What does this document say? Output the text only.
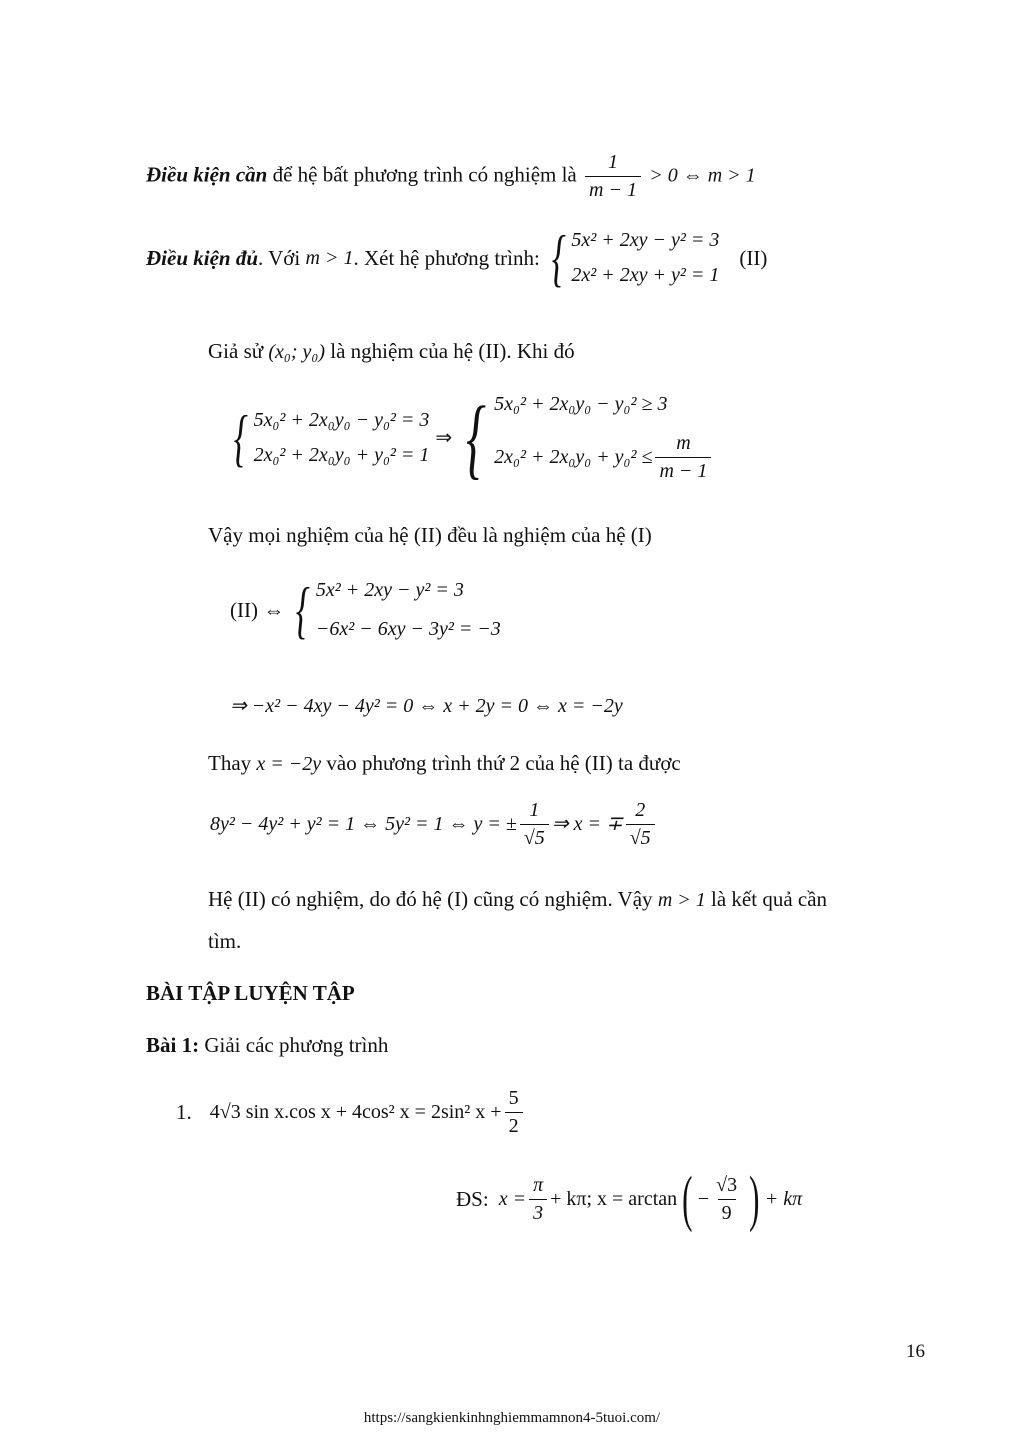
Điều kiện cần để hệ bất phương trình có nghiệm là $\frac{1}{m - 1} > 0$ ⇔ m > 1
Điều kiện đủ . Với
m > 1 . Xét hệ phương trình: { 5x² + 2xy − y² = 3
2x² + 2xy + y² = 1
(II)
Giả sử (x₀; y₀) là nghiệm của hệ (II). Khi đó
{ 5x₀² + 2x₀y₀ − y₀² = 3
2x₀² + 2x₀y₀ + y₀² = 1
⇒ { 5x₀² + 2x₀y₀ − y₀² ≥ 3
$2x_0^2 + 2x_0y_0 + y_0^2 \le \frac{m}{m - 1}$
Vậy mọi nghiệm của hệ (II) đều là nghiệm của hệ (I)
(II) ⇔ { 5x² + 2xy − y² = 3
−6x² − 6xy − 3y² = −3
⇒ −x² − 4xy − 4y² = 0 ⇔ x + 2y = 0 ⇔ x = −2y
Thay x = −2y vào phương trình thứ 2 của hệ (II) ta được
8y² − 4y² + y² = 1 ⇔ 5y² = 1 ⇔ y = ± $\frac{1}{√5}$ ⇒ x = ∓ $\frac{2}{√5}$
Hệ (II) có nghiệm, do đó hệ (I) cũng có nghiệm. Vậy m > 1 là kết quả cần
tìm.
BÀI TẬP LUYỆN TẬP
Bài 1: Giải các phương trình
1. 4√3 sin x.cos x + 4cos² x = 2sin² $x + \frac{5}{2}$
ĐS: $x = \frac{\pi}{3} + k\pi$; x = arctan ( − $\frac{√3}{9}$ ) + kπ
16
https://sangkienkinhnghiemmamnon4-5tuoi.com/
